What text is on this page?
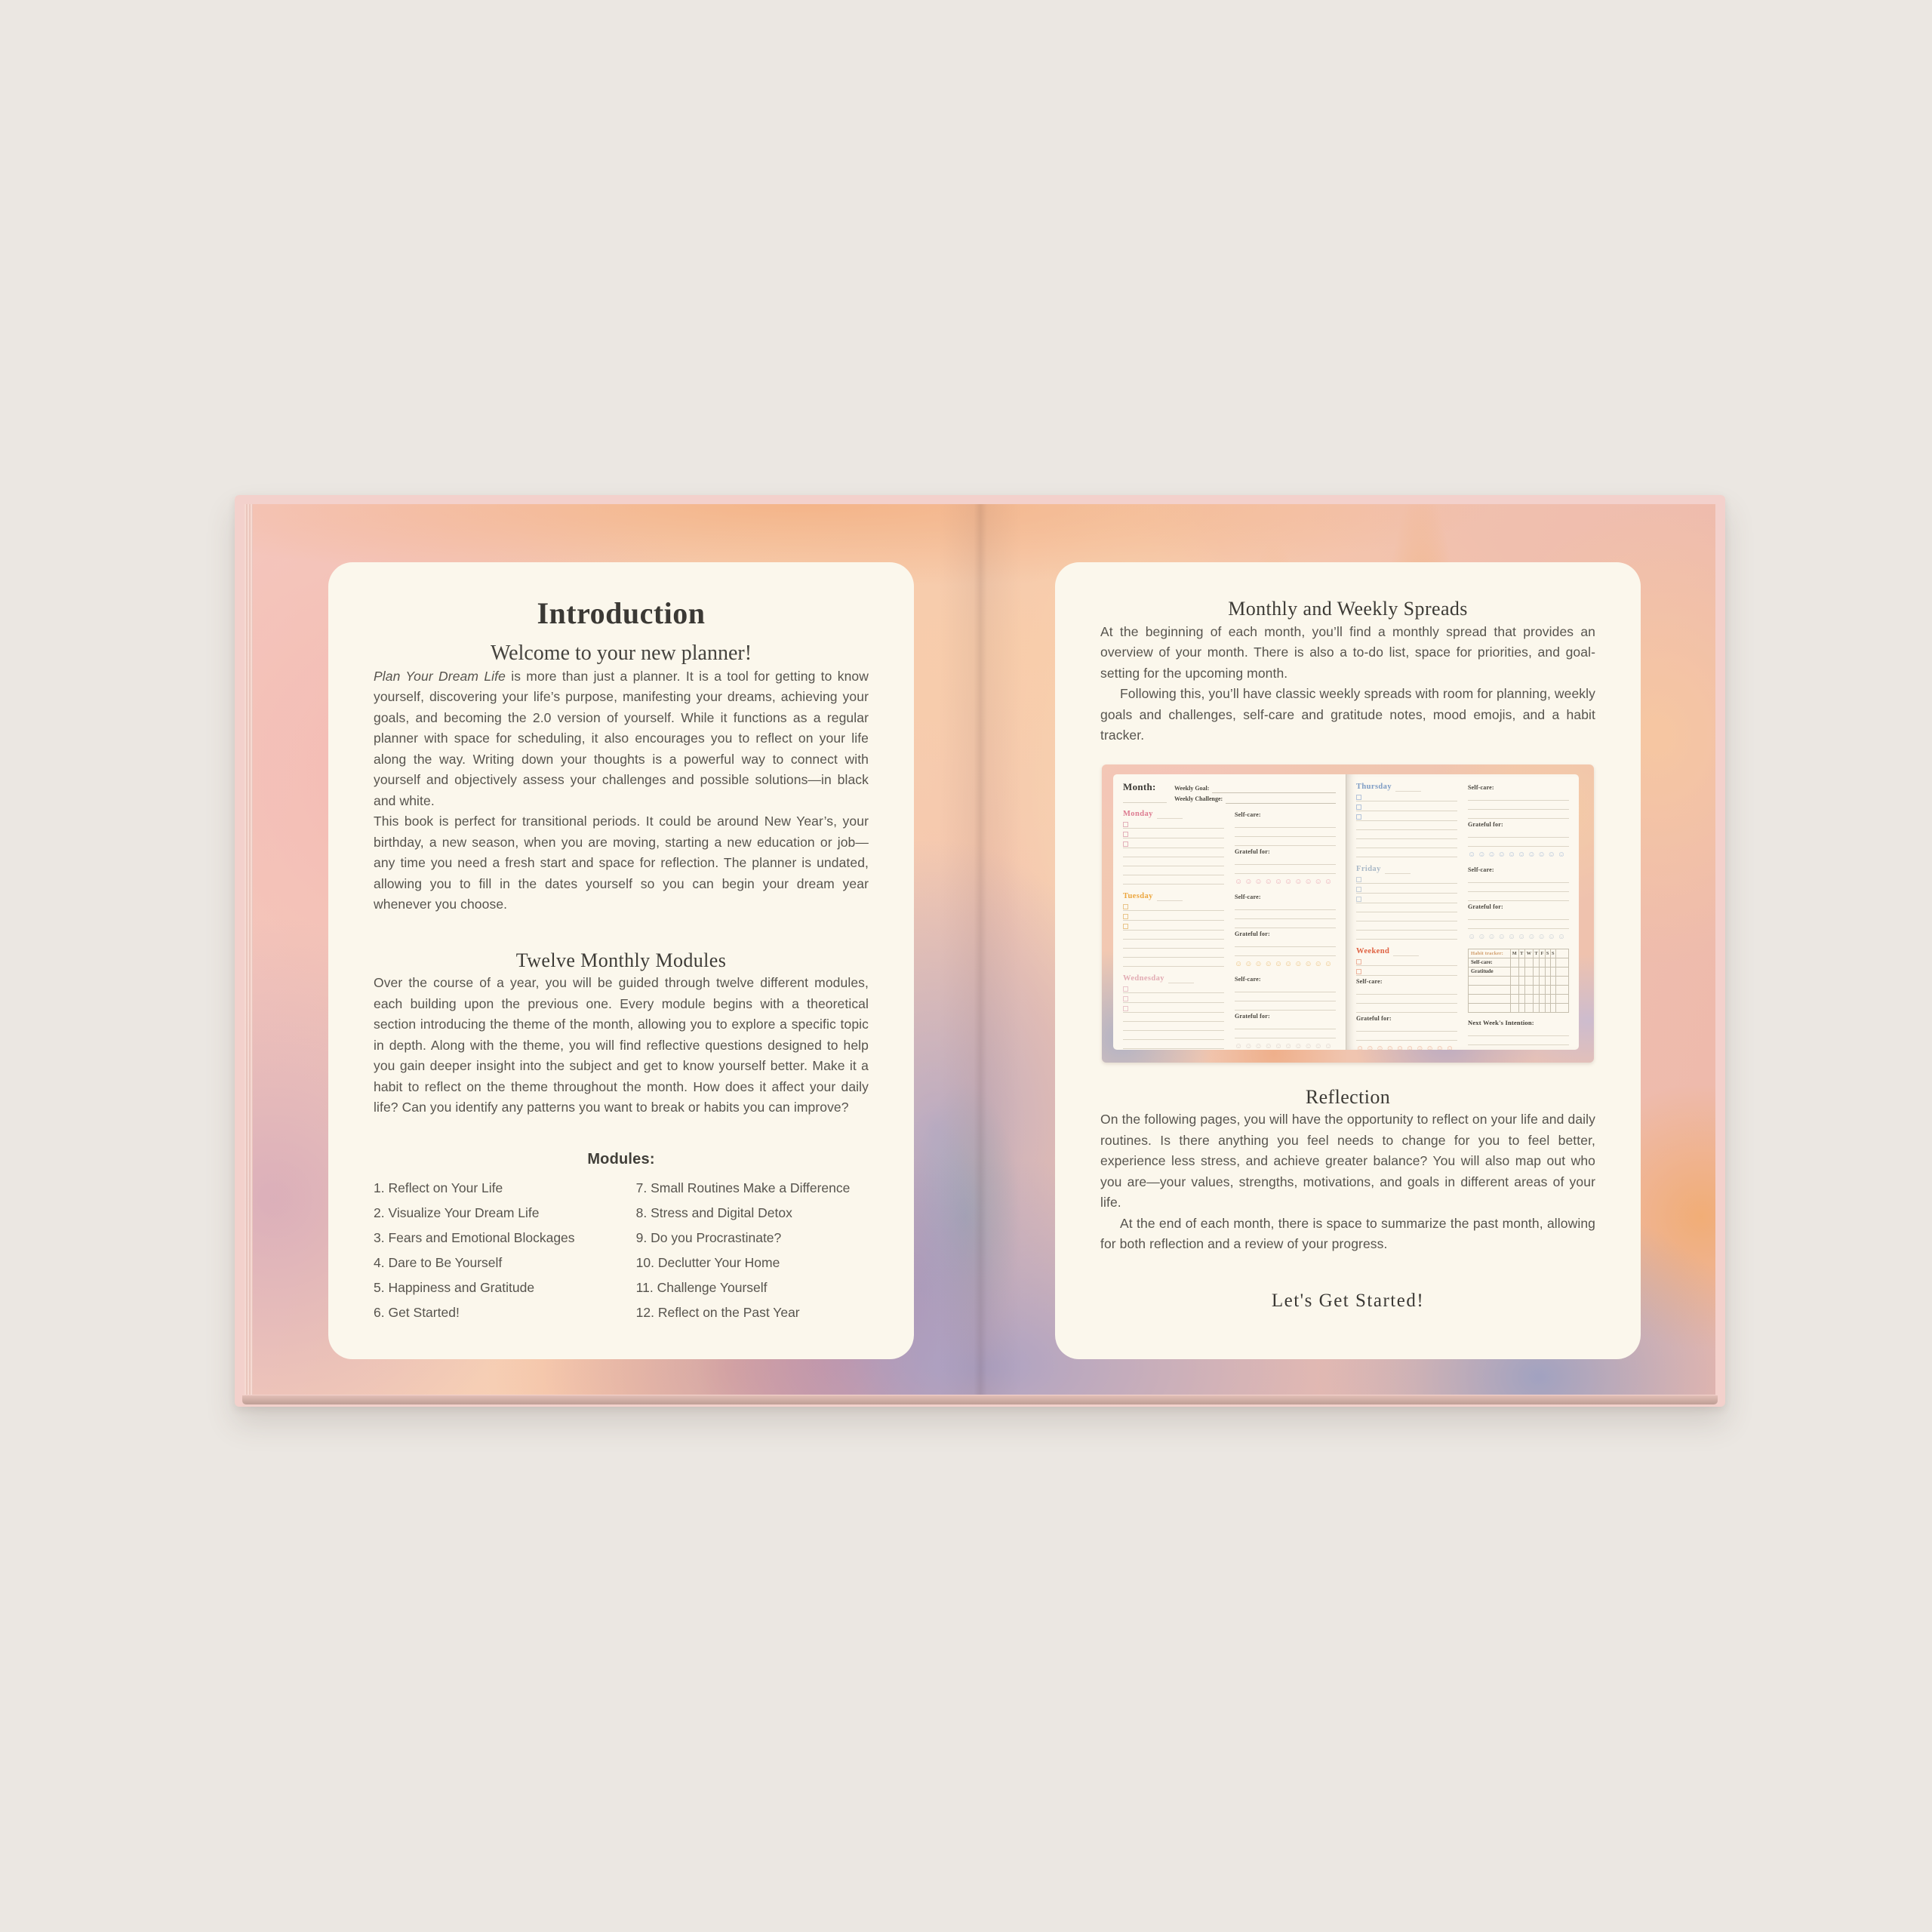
Introduction
Welcome to your new planner!

Plan Your Dream Life is more than just a planner. It is a tool for getting to know yourself, discovering your life’s purpose, manifesting your dreams, achieving your goals, and becoming the 2.0 version of yourself. While it functions as a regular planner with space for scheduling, it also encourages you to reflect on your life along the way. Writing down your thoughts is a powerful way to connect with yourself and objectively assess your challenges and possible solutions—in black and white.

This book is perfect for transitional periods. It could be around New Year’s, your birthday, a new season, when you are moving, starting a new education or job—any time you need a fresh start and space for reflection. The planner is undated, allowing you to fill in the dates yourself so you can begin your dream year whenever you choose.

Twelve Monthly Modules

Over the course of a year, you will be guided through twelve different modules, each building upon the previous one. Every module begins with a theoretical section introducing the theme of the month, allowing you to explore a specific topic in depth. Along with the theme, you will find reflective questions designed to help you gain deeper insight into the subject and get to know yourself better. Make it a habit to reflect on the theme throughout the month. How does it affect your daily life? Can you identify any patterns you want to break or habits you can improve?

Modules:
1. Reflect on Your Life
2. Visualize Your Dream Life
3. Fears and Emotional Blockages
4. Dare to Be Yourself
5. Happiness and Gratitude
6. Get Started!
7. Small Routines Make a Difference
8. Stress and Digital Detox
9. Do you Procrastinate?
10. Declutter Your Home
11. Challenge Yourself
12. Reflect on the Past Year
Monthly and Weekly Spreads

At the beginning of each month, you’ll find a monthly spread that provides an overview of your month. There is also a to-do list, space for priorities, and goal-setting for the upcoming month.

Following this, you’ll have classic weekly spreads with room for planning, weekly goals and challenges, self-care and gratitude notes, mood emojis, and a habit tracker.

Month:	Weekly Goal:
Weekly Challenge:
Monday	Self-care:
Grateful for:
☺☺☺☺☺☺☺☺☺☺
Tuesday	Self-care:
Grateful for:
☺☺☺☺☺☺☺☺☺☺
Wednesday	Self-care:
Grateful for:
☺☺☺☺☺☺☺☺☺☺
Thursday	Self-care:
Grateful for:
☺☺☺☺☺☺☺☺☺☺
Friday	Self-care:
Grateful for:
☺☺☺☺☺☺☺☺☺☺
Weekend
Self-care:
Grateful for:
☺☺☺☺☺☺☺☺☺☺
Habit tracker:	M	T	W	T	F	S	S	
Self-care:								
Gratitude								

Next Week's Intention:
Reflection

On the following pages, you will have the opportunity to reflect on your life and daily routines. Is there anything you feel needs to change for you to feel better, experience less stress, and achieve greater balance? You will also map out who you are—your values, strengths, motivations, and goals in different areas of your life.

At the end of each month, there is space to summarize the past month, allowing for both reflection and a review of your progress.

Let's Get Started!
